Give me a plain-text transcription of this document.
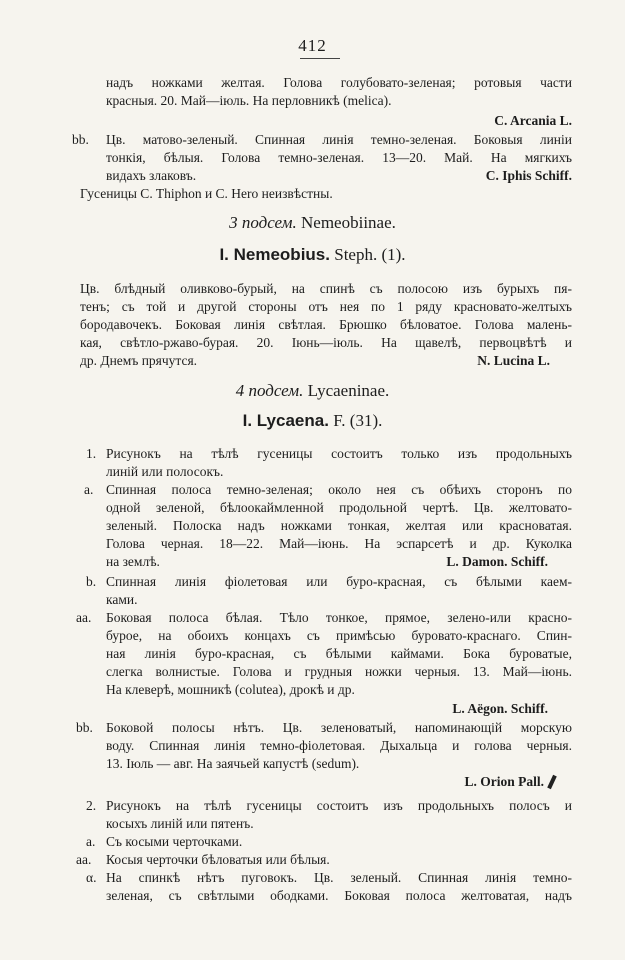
412
надъ ножками желтая. Голова голубовато-зеленая; ротовыя части
красныя. 20. Май—іюль. На перловникѣ (melica).
C. Arcania L.
bb. Цв. матово-зеленый. Спинная линія темно-зеленая. Боковыя линіи
тонкія, бѣлыя. Голова темно-зеленая. 13—20. Май. На мягкихъ
видахъ злаковъ.	C. Iphis Schiff.
Гусеницы C. Thiphon и C. Hero неизвѣстны.
3 подсем. Nemeobiinae.
I. Nemeobius. Steph. (1).
Цв. блѣдный оливково-бурый, на спинѣ съ полосою изъ бурыхъ пя-
тенъ; съ той и другой стороны отъ нея по 1 ряду красновато-желтыхъ
бородавочекъ. Боковая линія свѣтлая. Брюшко бѣловатое. Голова малень-
кая, свѣтло-ржаво-бурая. 20. Іюнь—іюль. На щавелѣ, первоцвѣтѣ и
др. Днемъ прячутся.	N. Lucina L.
4 подсем. Lycaeninae.
I. Lycaena. F. (31).
1. Рисунокъ на тѣлѣ гусеницы состоитъ только изъ продольныхъ
линій или полосокъ.
a. Спинная полоса темно-зеленая; около нея съ обѣихъ сторонъ по
одной зеленой, бѣлоокаймленной продольной чертѣ. Цв. желтовато-
зеленый. Полоска надъ ножками тонкая, желтая или красноватая.
Голова черная. 18—22. Май—іюнь. На эспарсетѣ и др. Куколка
на землѣ.	L. Damon. Schiff.
b. Спинная линія фіолетовая или буро-красная, съ бѣлыми каем-
ками.
aa. Боковая полоса бѣлая. Тѣло тонкое, прямое, зелено-или красно-
бурое, на обоихъ концахъ съ примѣсью буровато-краснаго. Спин-
ная линія буро-красная, съ бѣлыми каймами. Бока буроватые,
слегка волнистые. Голова и грудныя ножки черныя. 13. Май—іюнь.
На клеверѣ, мошникѣ (colutea), дрокѣ и др.
L. Aëgon. Schiff.
bb. Боковой полосы нѣтъ. Цв. зеленоватый, напоминающій морскую
воду. Спинная линія темно-фіолетовая. Дыхальца и голова черныя.
13. Іюль — авг. На заячьей капустѣ (sedum).
L. Orion Pall.
2. Рисунокъ на тѣлѣ гусеницы состоитъ изъ продольныхъ полосъ и
косыхъ линій или пятенъ.
a. Съ косыми черточками.
aa. Косыя черточки бѣловатыя или бѣлыя.
α. На спинкѣ нѣтъ пуговокъ. Цв. зеленый. Спинная линія темно-
зеленая, съ свѣтлыми ободками. Боковая полоса желтоватая, надъ
